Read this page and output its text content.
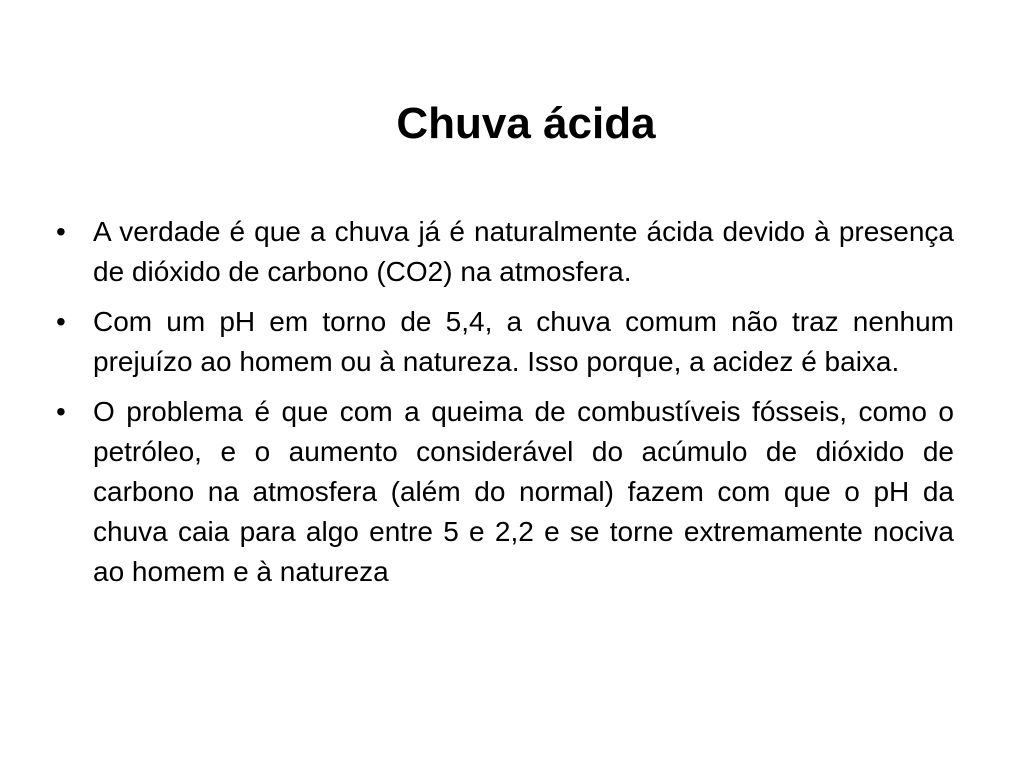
Chuva ácida
• A verdade é que a chuva já é naturalmente ácida devido à presença de dióxido de carbono (CO2) na atmosfera.
• Com um pH em torno de 5,4, a chuva comum não traz nenhum prejuízo ao homem ou à natureza. Isso porque, a acidez é baixa.
• O problema é que com a queima de combustíveis fósseis, como o petróleo, e o aumento considerável do acúmulo de dióxido de carbono na atmosfera (além do normal) fazem com que o pH da chuva caia para algo entre 5 e 2,2 e se torne extremamente nociva ao homem e à natureza
